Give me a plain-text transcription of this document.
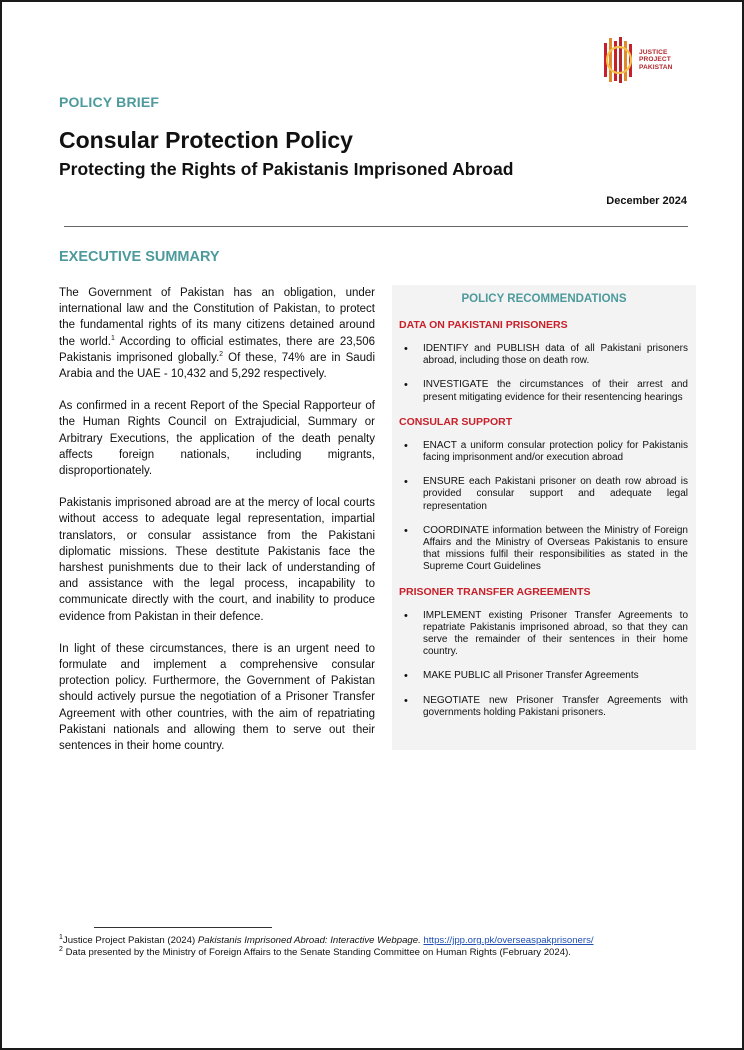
JUSTICE
PROJECT
PAKISTAN
POLICY BRIEF
Consular Protection Policy
Protecting the Rights of Pakistanis Imprisoned Abroad
December 2024
EXECUTIVE SUMMARY

The Government of Pakistan has an obligation, under international law and the Constitution of Pakistan, to protect the fundamental rights of its many citizens detained around the world.$^1$ According to official estimates, there are 23,506 Pakistanis imprisoned globally.$^2$ Of these, 74% are in Saudi Arabia and the UAE - 10,432 and 5,292 respectively.

As confirmed in a recent Report of the Special Rapporteur of the Human Rights Council on Extrajudicial, Summary or Arbitrary Executions, the application of the death penalty affects foreign nationals, including migrants, disproportionately.

Pakistanis imprisoned abroad are at the mercy of local courts without access to adequate legal representation, impartial translators, or consular assistance from the Pakistani diplomatic missions. These destitute Pakistanis face the harshest punishments due to their lack of understanding of and assistance with the legal process, incapability to communicate directly with the court, and inability to produce evidence from Pakistan in their defence.

In light of these circumstances, there is an urgent need to formulate and implement a comprehensive consular protection policy. Furthermore, the Government of Pakistan should actively pursue the negotiation of a Prisoner Transfer Agreement with other countries, with the aim of repatriating Pakistani nationals and allowing them to serve out their sentences in their home country.

POLICY RECOMMENDATIONS
DATA ON PAKISTANI PRISONERS
• IDENTIFY and PUBLISH data of all Pakistani prisoners abroad, including those on death row.
• INVESTIGATE the circumstances of their arrest and present mitigating evidence for their resentencing hearings
CONSULAR SUPPORT
• ENACT a uniform consular protection policy for Pakistanis facing imprisonment and/or execution abroad
• ENSURE each Pakistani prisoner on death row abroad is provided consular support and adequate legal representation
• COORDINATE information between the Ministry of Foreign Affairs and the Ministry of Overseas Pakistanis to ensure that missions fulfil their responsibilities as stated in the Supreme Court Guidelines
PRISONER TRANSFER AGREEMENTS
• IMPLEMENT existing Prisoner Transfer Agreements to repatriate Pakistanis imprisoned abroad, so that they can serve the remainder of their sentences in their home country.
• MAKE PUBLIC all Prisoner Transfer Agreements
• NEGOTIATE new Prisoner Transfer Agreements with governments holding Pakistani prisoners.
$^1$Justice Project Pakistan (2024) Pakistanis Imprisoned Abroad: Interactive Webpage. https://jpp.org.pk/overseaspakprisoners/
$^2$ Data presented by the Ministry of Foreign Affairs to the Senate Standing Committee on Human Rights (February 2024).
